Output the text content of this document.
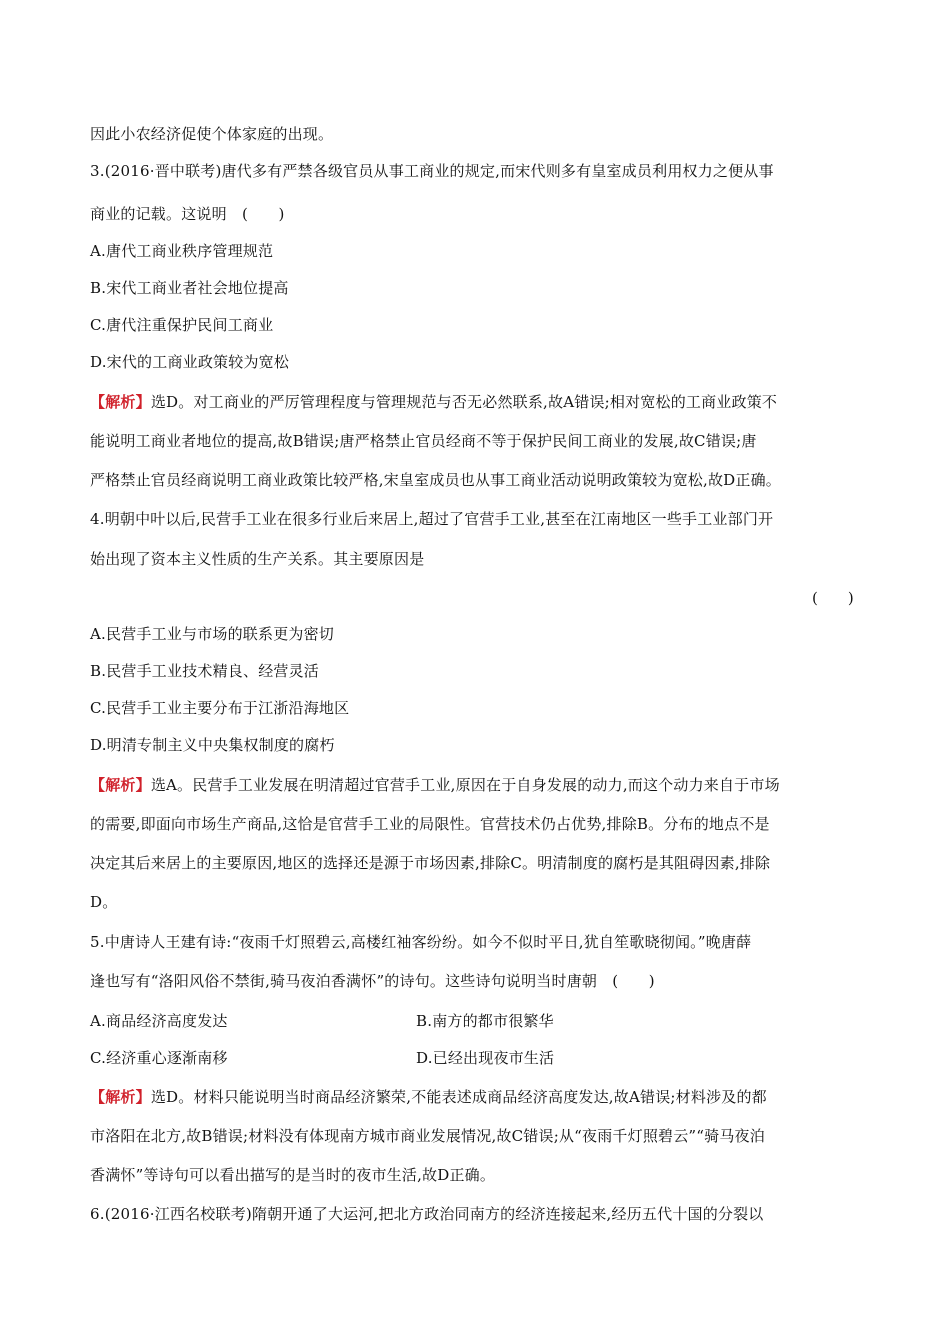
因此小农经济促使个体家庭的出现。
3.(2016·晋中联考)唐代多有严禁各级官员从事工商业的规定,而宋代则多有皇室成员利用权力之便从事
商业的记载。这说明　(　　)
A.唐代工商业秩序管理规范
B.宋代工商业者社会地位提高
C.唐代注重保护民间工商业
D.宋代的工商业政策较为宽松
【解析】选D。对工商业的严厉管理程度与管理规范与否无必然联系,故A错误;相对宽松的工商业政策不
能说明工商业者地位的提高,故B错误;唐严格禁止官员经商不等于保护民间工商业的发展,故C错误;唐
严格禁止官员经商说明工商业政策比较严格,宋皇室成员也从事工商业活动说明政策较为宽松,故D正确。
4.明朝中叶以后,民营手工业在很多行业后来居上,超过了官营手工业,甚至在江南地区一些手工业部门开
始出现了资本主义性质的生产关系。其主要原因是
(　　)
A.民营手工业与市场的联系更为密切
B.民营手工业技术精良、经营灵活
C.民营手工业主要分布于江浙沿海地区
D.明清专制主义中央集权制度的腐朽
【解析】选A。民营手工业发展在明清超过官营手工业,原因在于自身发展的动力,而这个动力来自于市场
的需要,即面向市场生产商品,这恰是官营手工业的局限性。官营技术仍占优势,排除B。分布的地点不是
决定其后来居上的主要原因,地区的选择还是源于市场因素,排除C。明清制度的腐朽是其阻碍因素,排除
D。
5.中唐诗人王建有诗:“夜雨千灯照碧云,高楼红袖客纷纷。如今不似时平日,犹自笙歌晓彻闻。”晚唐薛
逢也写有“洛阳风俗不禁街,骑马夜泊香满怀”的诗句。这些诗句说明当时唐朝　(　　)
A.商品经济高度发达	B.南方的都市很繁华
C.经济重心逐渐南移	D.已经出现夜市生活
【解析】选D。材料只能说明当时商品经济繁荣,不能表述成商品经济高度发达,故A错误;材料涉及的都
市洛阳在北方,故B错误;材料没有体现南方城市商业发展情况,故C错误;从“夜雨千灯照碧云”“骑马夜泊
香满怀”等诗句可以看出描写的是当时的夜市生活,故D正确。
6.(2016·江西名校联考)隋朝开通了大运河,把北方政治同南方的经济连接起来,经历五代十国的分裂以
